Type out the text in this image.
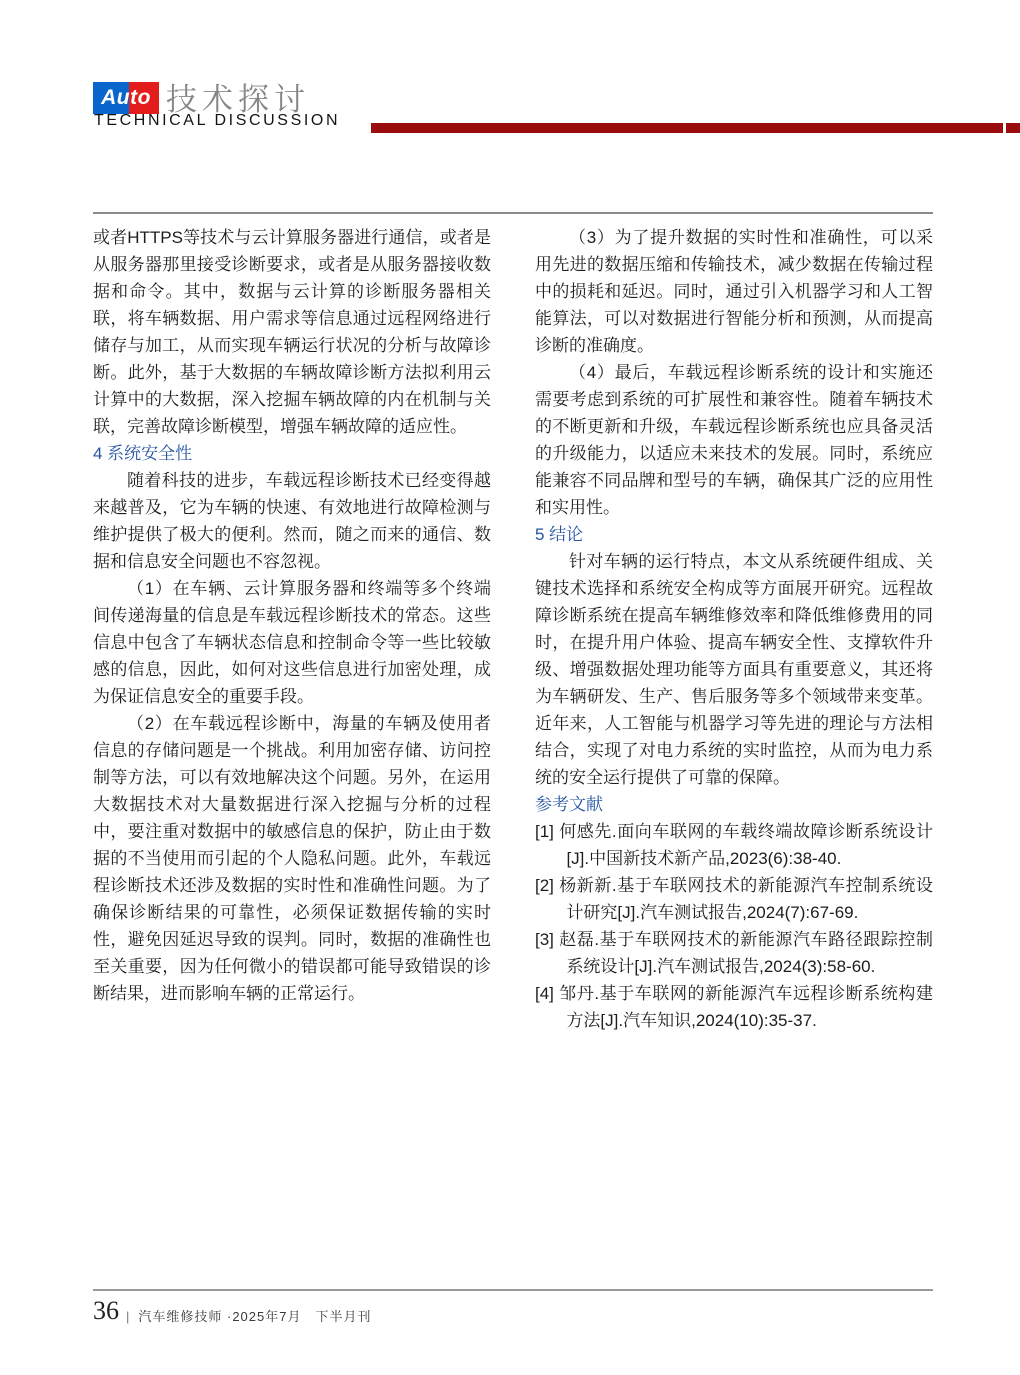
Auto 技术探讨
TECHNICAL DISCUSSION

或者HTTPS等技术与云计算服务器进行通信，或者是从服务器那里接受诊断要求，或者是从服务器接收数据和命令。其中，数据与云计算的诊断服务器相关联，将车辆数据、用户需求等信息通过远程网络进行储存与加工，从而实现车辆运行状况的分析与故障诊断。此外，基于大数据的车辆故障诊断方法拟利用云计算中的大数据，深入挖掘车辆故障的内在机制与关联，完善故障诊断模型，增强车辆故障的适应性。

4 系统安全性

随着科技的进步，车载远程诊断技术已经变得越来越普及，它为车辆的快速、有效地进行故障检测与维护提供了极大的便利。然而，随之而来的通信、数据和信息安全问题也不容忽视。

（1）在车辆、云计算服务器和终端等多个终端间传递海量的信息是车载远程诊断技术的常态。这些信息中包含了车辆状态信息和控制命令等一些比较敏感的信息，因此，如何对这些信息进行加密处理，成为保证信息安全的重要手段。

（2）在车载远程诊断中，海量的车辆及使用者信息的存储问题是一个挑战。利用加密存储、访问控制等方法，可以有效地解决这个问题。另外，在运用大数据技术对大量数据进行深入挖掘与分析的过程中，要注重对数据中的敏感信息的保护，防止由于数据的不当使用而引起的个人隐私问题。此外，车载远程诊断技术还涉及数据的实时性和准确性问题。为了确保诊断结果的可靠性，必须保证数据传输的实时性，避免因延迟导致的误判。同时，数据的准确性也至关重要，因为任何微小的错误都可能导致错误的诊断结果，进而影响车辆的正常运行。

（3）为了提升数据的实时性和准确性，可以采用先进的数据压缩和传输技术，减少数据在传输过程中的损耗和延迟。同时，通过引入机器学习和人工智能算法，可以对数据进行智能分析和预测，从而提高诊断的准确度。

（4）最后，车载远程诊断系统的设计和实施还需要考虑到系统的可扩展性和兼容性。随着车辆技术的不断更新和升级，车载远程诊断系统也应具备灵活的升级能力，以适应未来技术的发展。同时，系统应能兼容不同品牌和型号的车辆，确保其广泛的应用性和实用性。

5 结论

针对车辆的运行特点，本文从系统硬件组成、关键技术选择和系统安全构成等方面展开研究。远程故障诊断系统在提高车辆维修效率和降低维修费用的同时，在提升用户体验、提高车辆安全性、支撑软件升级、增强数据处理功能等方面具有重要意义，其还将为车辆研发、生产、售后服务等多个领域带来变革。近年来，人工智能与机器学习等先进的理论与方法相结合，实现了对电力系统的实时监控，从而为电力系统的安全运行提供了可靠的保障。

参考文献

[1] 何感先.面向车联网的车载终端故障诊断系统设计[J].中国新技术新产品,2023(6):38-40.

[2] 杨新新.基于车联网技术的新能源汽车控制系统设计研究[J].汽车测试报告,2024(7):67-69.

[3] 赵磊.基于车联网技术的新能源汽车路径跟踪控制系统设计[J].汽车测试报告,2024(3):58-60.

[4] 邹丹.基于车联网的新能源汽车远程诊断系统构建方法[J].汽车知识,2024(10):35-37.

36 | 汽车维修技师 ·2025年7月　下半月刊
